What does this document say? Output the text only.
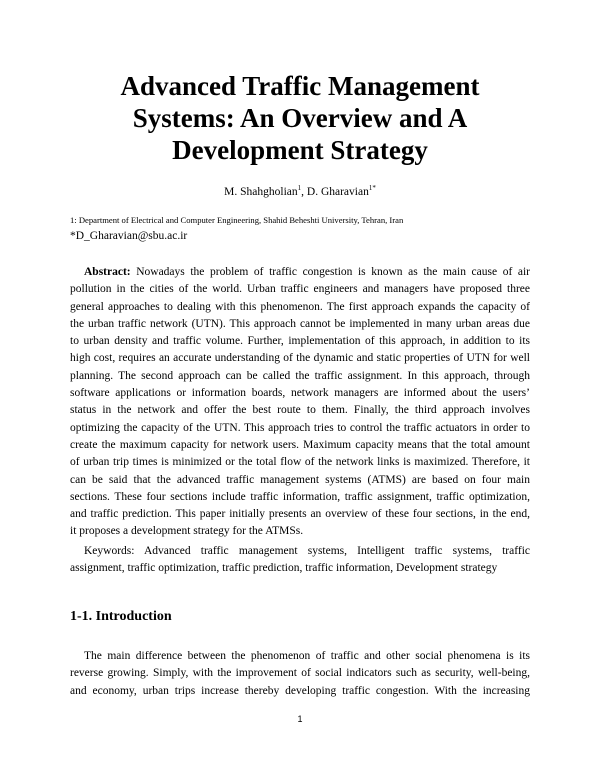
Advanced Traffic Management
Systems: An Overview and A
Development Strategy
M. Shahgholian$^1$, D. Gharavian$^{1*}$
1: Department of Electrical and Computer Engineering, Shahid Beheshti University, Tehran, Iran
*D_Gharavian@sbu.ac.ir
Abstract: Nowadays the problem of traffic congestion is known as the main cause of air
pollution in the cities of the world. Urban traffic engineers and managers have proposed three
general approaches to dealing with this phenomenon. The first approach expands the capacity of
the urban traffic network (UTN). This approach cannot be implemented in many urban areas due
to urban density and traffic volume. Further, implementation of this approach, in addition to its
high cost, requires an accurate understanding of the dynamic and static properties of UTN for well
planning. The second approach can be called the traffic assignment. In this approach, through
software applications or information boards, network managers are informed about the users’
status in the network and offer the best route to them. Finally, the third approach involves
optimizing the capacity of the UTN. This approach tries to control the traffic actuators in order to
create the maximum capacity for network users. Maximum capacity means that the total amount
of urban trip times is minimized or the total flow of the network links is maximized. Therefore, it
can be said that the advanced traffic management systems (ATMS) are based on four main
sections. These four sections include traffic information, traffic assignment, traffic optimization,
and traffic prediction. This paper initially presents an overview of these four sections, in the end,
it proposes a development strategy for the ATMSs.
Keywords: Advanced traffic management systems, Intelligent traffic systems, traffic
assignment, traffic optimization, traffic prediction, traffic information, Development strategy
1-1. Introduction
The main difference between the phenomenon of traffic and other social phenomena is its
reverse growing. Simply, with the improvement of social indicators such as security, well-being,
and economy, urban trips increase thereby developing traffic congestion. With the increasing
1
